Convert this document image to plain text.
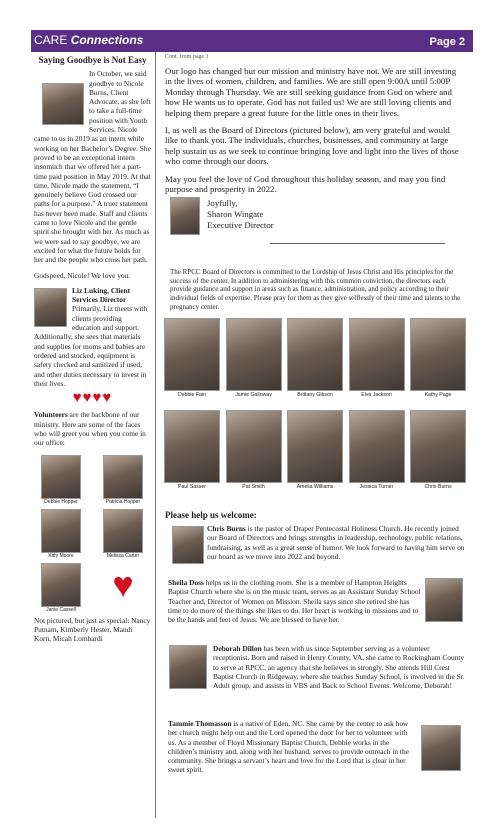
CARE Connections	Page 2
Saying Goodbye is Not Easy

In October, we said goodbye to Nicole Burns, Client Advocate, as she left to take a full-time position with Youth Services. Nicole came to us in 2019 as an intern while working on her Bachelor’s Degree. She proved to be an exceptional intern insomuch that we offered her a part-time paid position in May 2019. At that time, Nicole made the statement, “I genuinely believe God crossed our paths for a purpose.” A truer statement has never been made. Staff and clients came to love Nicole and the gentle spirit she brought with her. As much as we were sad to say goodbye, we are excited for what the future holds for her and the people who cross her path.

Godspeed, Nicole! We love you.

Liz Luking, Client Services Director

Primarily, Liz meets with clients providing education and support. Additionally, she sees that materials and supplies for moms and babies are ordered and stocked, equipment is safety checked and sanitized if used, and other duties necessary to invest in their lives.

♥♥♥♥

Volunteers are the backbone of our ministry. Here are some of the faces who will greet you when you come in our office:

Debbie Hopper	Patricia Hopper
Kitty Moore	Melissa Carter
Janie Cassell
♥

Not pictured, but just as special: Nancy Putnam, Kimberly Hester, Mandi Korn, Micah Lombardi

Cont. from page 1

Our logo has changed but our mission and ministry have not. We are still investing in the lives of women, children, and families. We are still open 9:00A until 5:00P Monday through Thursday. We are still seeking guidance from God on where and how He wants us to operate. God has not failed us! We are still loving clients and helping them prepare a great future for the little ones in their lives.

I, as well as the Board of Directors (pictured below), am very grateful and would like to thank you. The individuals, churches, businesses, and community at large help sustain us as we seek to continue bringing love and light into the lives of those who come through our doors.

May you feel the love of God throughout this holiday season, and may you find purpose and prosperity in 2022.

Joyfully,
Sharon Wingate
Executive Director
The RPCC Board of Directors is committed to the Lordship of Jesus Christ and His principles for the success of the center. In addition to administering with this common conviction, the directors each provide guidance and support in areas such as finance, administration, and policy according to their individual fields of expertise. Please pray for them as they give selflessly of their time and talents to the pregnancy center.
Debbie Fain	Jamie Galloway	Brittany Gibson	Elva Jackson	Kathy Page
Paul Sasser	Pat Smith	Amelia Williams	Jessica Turner	Chris Burns
Please help us welcome:
Chris Burns is the pastor of Draper Pentecostal Holiness Church. He recently joined our Board of Directors and brings strengths in leadership, technology, public relations, fundraising, as well as a great sense of humor. We look forward to having him serve on our board as we move into 2022 and beyond.
Sheila Doss helps us in the clothing room. She is a member of Hampton Heights Baptist Church where she is on the music team, serves as an Assistant Sunday School Teacher and, Director of Women on Mission. Sheila says since she retired she has time to do more of the things she likes to do. Her heart is working in missions and to be the hands and feet of Jesus. We are blessed to have her.
Deborah Dillon has been with us since September serving as a volunteer receptionist. Born and raised in Henry County, VA, she came to Rockingham County to serve at RPCC, an agency that she believes in strongly. She attends Hill Crest Baptist Church in Ridgeway, where she teaches Sunday School, is involved in the Sr. Adult group, and assists in VBS and Back to School Events. Welcome, Deborah!
Tammie Thomasson is a native of Eden, NC. She came by the center to ask how her church might help out and the Lord opened the door for her to volunteer with us. As a member of Floyd Missionary Baptist Church, Debbie works in the children’s ministry and, along with her husband, serves to provide outreach in the community. She brings a servant’s heart and love for the Lord that is clear in her sweet spirit.
